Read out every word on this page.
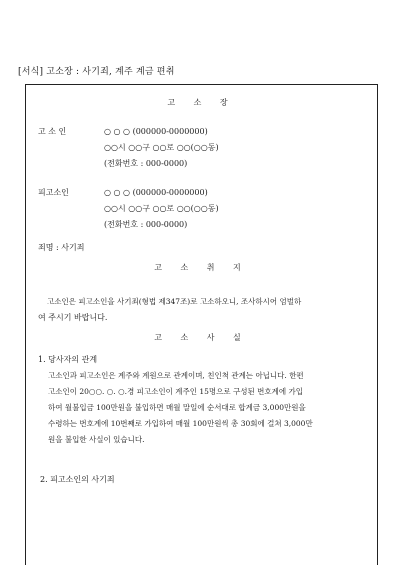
[서식] 고소장 : 사기죄, 계주 계금 편취
고 소 장
고 소 인	○ ○ ○ (000000-0000000)
○○시 ○○구 ○○로 ○○(○○동)
(전화번호 : 000-0000)
피고소인	○ ○ ○ (000000-0000000)
○○시 ○○구 ○○로 ○○(○○동)
(전화번호 : 000-0000)
죄명 : 사기죄
고 소 취 지
고소인은 피고소인을 사기죄(형법 제347조)로 고소하오니, 조사하시어 엄벌하
여 주시기 바랍니다.
고 소 사 실
1. 당사자의 관계
고소인과 피고소인은 계주와 계원으로 관계이며, 친인척 관계는 아닙니다. 한편
고소인이 20○○. ○. ○.경 피고소인이 계주인 15명으로 구성된 번호계에 가입
하여 월불입금 100만원을 불입하면 매월 말일에 순서대로 합계금 3,000만원을
수령하는 번호계에 10번째로 가입하여 매월 100만원씩 총 30회에 걸쳐 3,000만
원을 불입한 사실이 있습니다.
2. 피고소인의 사기죄
